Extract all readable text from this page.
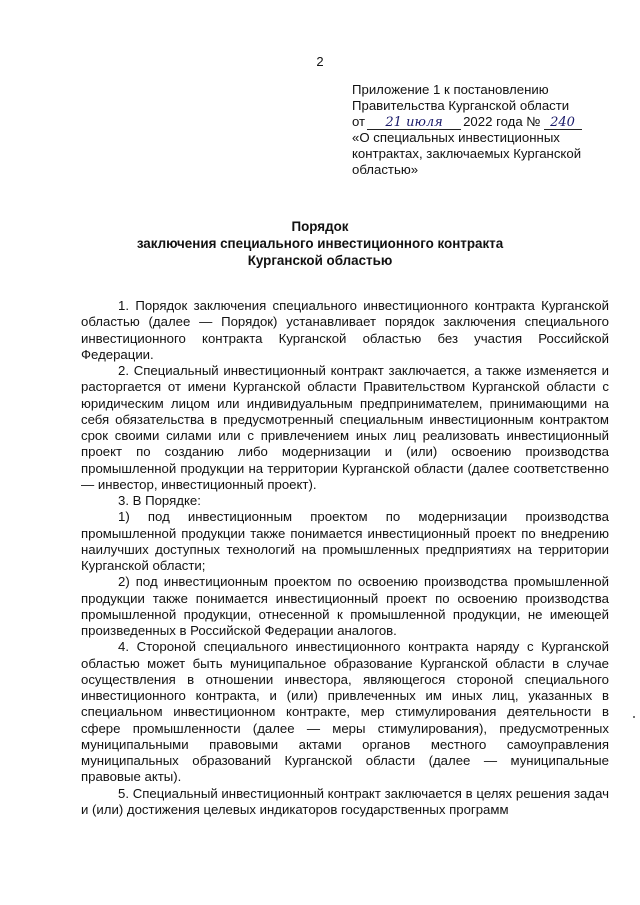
2
Приложение 1 к постановлению
Правительства Курганской области
от 21 июля 2022 года № 240
«О специальных инвестиционных
контрактах, заключаемых Курганской
областью»
Порядок
заключения специального инвестиционного контракта
Курганской областью

1. Порядок заключения специального инвестиционного контракта Курганской областью (далее — Порядок) устанавливает порядок заключения специального инвестиционного контракта Курганской областью без участия Российской Федерации.

2. Специальный инвестиционный контракт заключается, а также изменяется и расторгается от имени Курганской области Правительством Курганской области с юридическим лицом или индивидуальным предпринимателем, принимающими на себя обязательства в предусмотренный специальным инвестиционным контрактом срок своими силами или с привлечением иных лиц реализовать инвестиционный проект по созданию либо модернизации и (или) освоению производства промышленной продукции на территории Курганской области (далее соответственно — инвестор, инвестиционный проект).

3. В Порядке:

1) под инвестиционным проектом по модернизации производства промышленной продукции также понимается инвестиционный проект по внедрению наилучших доступных технологий на промышленных предприятиях на территории Курганской области;

2) под инвестиционным проектом по освоению производства промышленной продукции также понимается инвестиционный проект по освоению производства промышленной продукции, отнесенной к промышленной продукции, не имеющей произведенных в Российской Федерации аналогов.

4. Стороной специального инвестиционного контракта наряду с Курганской областью может быть муниципальное образование Курганской области в случае осуществления в отношении инвестора, являющегося стороной специального инвестиционного контракта, и (или) привлеченных им иных лиц, указанных в специальном инвестиционном контракте, мер стимулирования деятельности в сфере промышленности (далее — меры стимулирования), предусмотренных муниципальными правовыми актами органов местного самоуправления муниципальных образований Курганской области (далее — муниципальные правовые акты).

5. Специальный инвестиционный контракт заключается в целях решения задач и (или) достижения целевых индикаторов государственных программ
